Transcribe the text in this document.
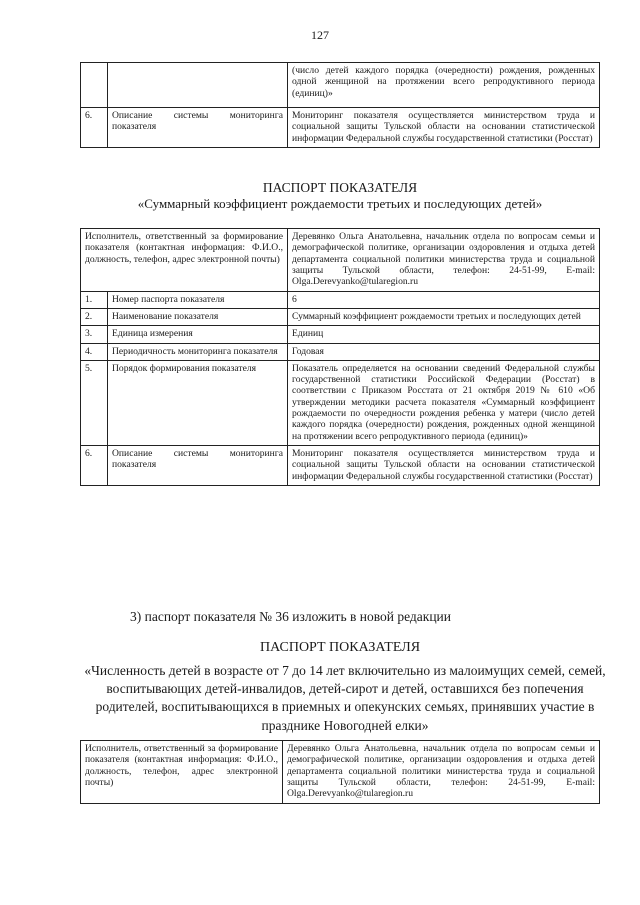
127
		(число детей каждого порядка (очередности) рождения, рожденных одной женщиной на протяжении всего репродуктивного периода (единиц)»
6.	Описание системы мониторинга показателя	Мониторинг показателя осуществляется министерством труда и социальной защиты Тульской области на основании статистической информации Федеральной службы государственной статистики (Росстат)
ПАСПОРТ ПОКАЗАТЕЛЯ
«Суммарный коэффициент рождаемости третьих и последующих детей»
Исполнитель, ответственный за формирование показателя (контактная информация: Ф.И.О., должность, телефон, адрес электронной почты)		Деревянко Ольга Анатольевна, начальник отдела по вопросам семьи и демографической политике, организации оздоровления и отдыха детей департамента социальной политики министерства труда и социальной защиты Тульской области, телефон: 24-51-99, E-mail: Olga.Derevyanko@tularegion.ru
1.	Номер паспорта показателя	6
2.	Наименование показателя	Суммарный коэффициент рождаемости третьих и последующих детей
3.	Единица измерения	Единиц
4.	Периодичность мониторинга показателя	Годовая
5.	Порядок формирования показателя	Показатель определяется на основании сведений Федеральной службы государственной статистики Российской Федерации (Росстат) в соответствии с Приказом Росстата от 21 октября 2019 № 610 «Об утверждении методики расчета показателя «Суммарный коэффициент рождаемости по очередности рождения ребенка у матери (число детей каждого порядка (очередности) рождения, рожденных одной женщиной на протяжении всего репродуктивного периода (единиц)»
6.	Описание системы мониторинга показателя	Мониторинг показателя осуществляется министерством труда и социальной защиты Тульской области на основании статистической информации Федеральной службы государственной статистики (Росстат)
3) паспорт показателя № 36 изложить в новой редакции
ПАСПОРТ ПОКАЗАТЕЛЯ
«Численность детей в возрасте от 7 до 14 лет включительно из малоимущих семей, семей, воспитывающих детей-инвалидов, детей-сирот и детей, оставшихся без попечения родителей, воспитывающихся в приемных и опекунских семьях, принявших участие в празднике Новогодней елки»
Исполнитель, ответственный за формирование показателя (контактная информация: Ф.И.О., должность, телефон, адрес электронной почты)	Деревянко Ольга Анатольевна, начальник отдела по вопросам семьи и демографической политике, организации оздоровления и отдыха детей департамента социальной политики министерства труда и социальной защиты Тульской области, телефон: 24-51-99, E-mail: Olga.Derevyanko@tularegion.ru
